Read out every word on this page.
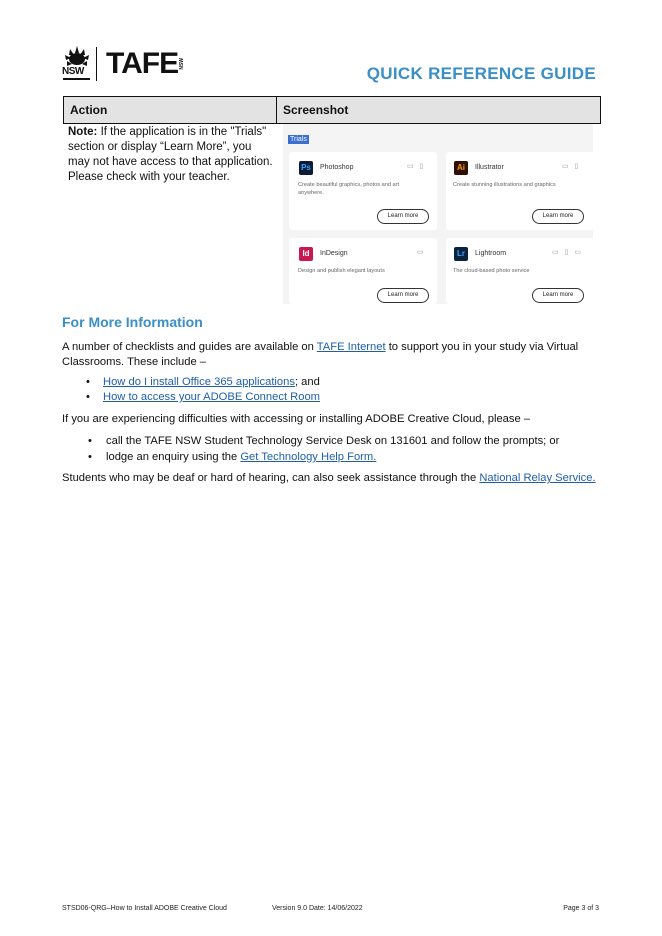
NSW TAFE NSW
QUICK REFERENCE GUIDE
Action	Screenshot
Note: If the application is in the "Trials" section or display “Learn More”, you may not have access to that application. Please check with your teacher.
Trials
Ps	Photoshop	▭ ▯
Create beautiful graphics, photos and art anywhere.
Learn more
Ai	Illustrator	▭ ▯
Create stunning illustrations and graphics
Learn more
Id	InDesign	▭
Design and publish elegant layouts
Learn more
Lr	Lightroom	▭ ▯ ▭
The cloud-based photo service
Learn more
For More Information
A number of checklists and guides are available on TAFE Internet to support you in your study via Virtual Classrooms. These include –
• How do I install Office 365 applications; and
• How to access your ADOBE Connect Room
If you are experiencing difficulties with accessing or installing ADOBE Creative Cloud, please –
• call the TAFE NSW Student Technology Service Desk on 131601 and follow the prompts; or
• lodge an enquiry using the Get Technology Help Form.
Students who may be deaf or hard of hearing, can also seek assistance through the National Relay Service.
STSD06-QRG–How to Install ADOBE Creative Cloud	Version 9.0 Date: 14/06/2022	Page 3 of 3
